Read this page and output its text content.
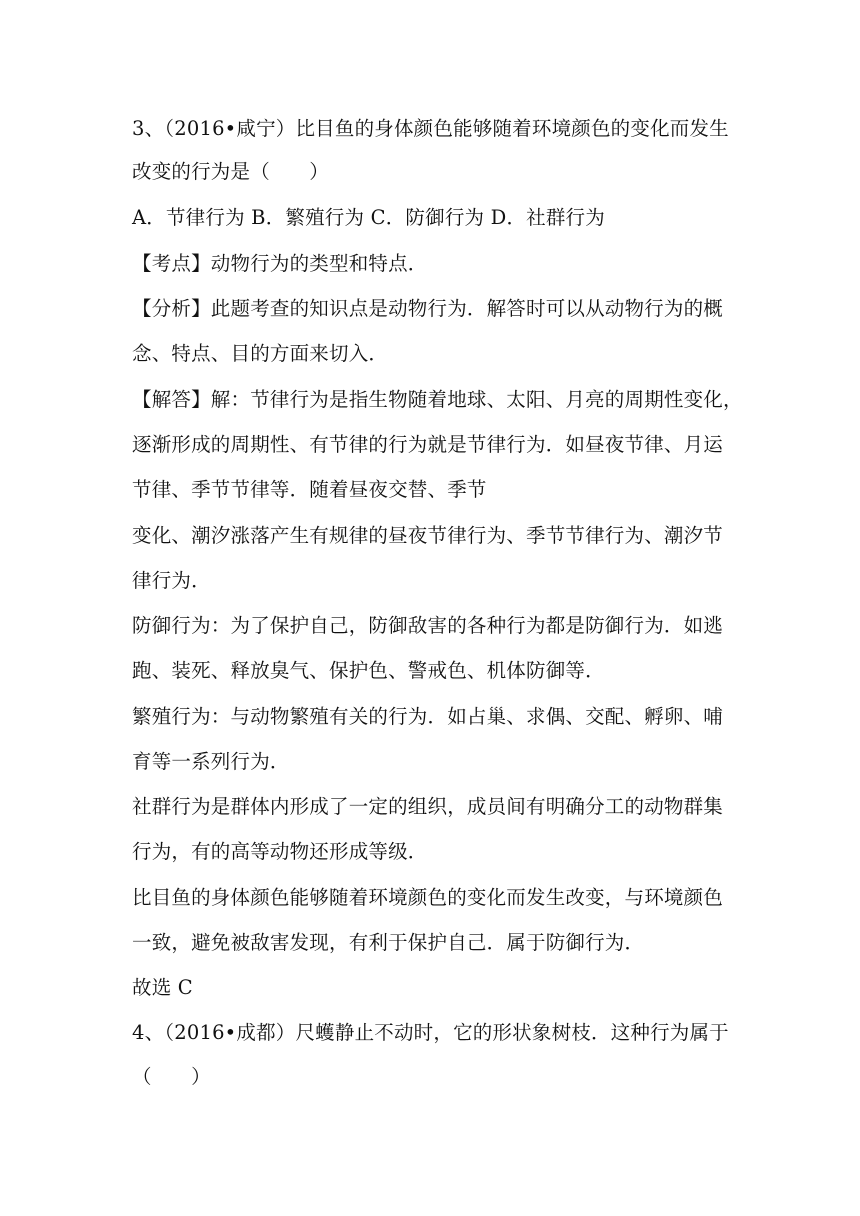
3、（2016•咸宁）比目鱼的身体颜色能够随着环境颜色的变化而发生
改变的行为是（　　）
A．节律行为 B．繁殖行为 C．防御行为 D．社群行为
【考点】动物行为的类型和特点．
【分析】此题考查的知识点是动物行为．解答时可以从动物行为的概
念、特点、目的方面来切入．
【解答】解：节律行为是指生物随着地球、太阳、月亮的周期性变化，
逐渐形成的周期性、有节律的行为就是节律行为．如昼夜节律、月运
节律、季节节律等．随着昼夜交替、季节
变化、潮汐涨落产生有规律的昼夜节律行为、季节节律行为、潮汐节
律行为．
防御行为：为了保护自己，防御敌害的各种行为都是防御行为．如逃
跑、装死、释放臭气、保护色、警戒色、机体防御等．
繁殖行为：与动物繁殖有关的行为．如占巢、求偶、交配、孵卵、哺
育等一系列行为．
社群行为是群体内形成了一定的组织，成员间有明确分工的动物群集
行为，有的高等动物还形成等级．
比目鱼的身体颜色能够随着环境颜色的变化而发生改变，与环境颜色
一致，避免被敌害发现，有利于保护自己．属于防御行为．
故选 C
4、（2016•成都）尺蠖静止不动时，它的形状象树枝．这种行为属于
（　　）
